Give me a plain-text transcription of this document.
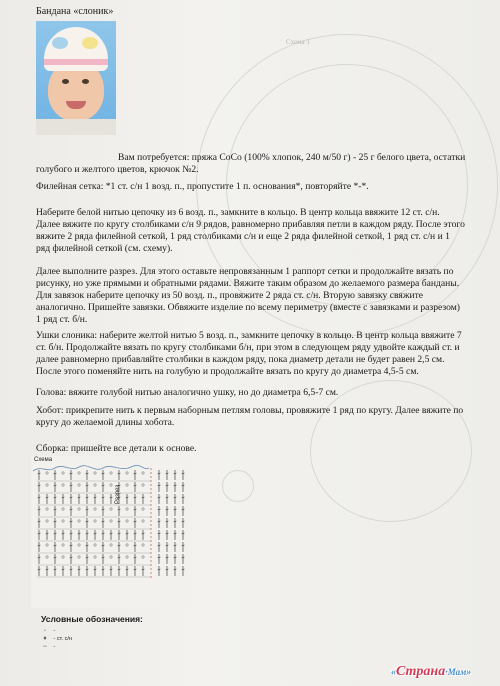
Схема 1

Бандана «слоник»

Вам потребуется: пряжа CoCo (100% хлопок, 240 м/50 г) - 25 г белого цвета, остатки голубого и желтого цветов, крючок №2.

Филейная сетка: *1 ст. с/н 1 возд. п., пропустите 1 п. основания*, повторяйте *-*.

Наберите белой нитью цепочку из 6 возд. п., замкните в кольцо. В центр кольца ввяжите 12 ст. с/н. Далее вяжите по кругу столбиками с/н 9 рядов, равномерно прибавляя петли в каждом ряду. После этого вяжите 2 ряда филейной сеткой, 1 ряд столбиками с/н и еще 2 ряда филейной сеткой, 1 ряд ст. с/н и 1 ряд филейной сеткой (см. схему).

Далее выполните разрез. Для этого оставьте непровязанным 1 раппорт сетки и продолжайте вязать по рисунку, но уже прямыми и обратными рядами. Вяжите таким образом до желаемого размера банданы. Для завязок наберите цепочку из 50 возд. п., провяжите 2 ряда ст. с/н. Вторую завязку свяжите аналогично. Пришейте завязки. Обвяжите изделие по всему периметру (вместе с завязками и разрезом) 1 ряд ст. б/н.

Ушки слоника: наберите желтой нитью 5 возд. п., замкните цепочку в кольцо. В центр кольца ввяжите 7 ст. б/н. Продолжайте вязать по кругу столбиками б/н, при этом в следующем ряду удвойте каждый ст. и далее равномерно прибавляйте столбики в каждом ряду, пока диаметр детали не будет равен 2,5 см. После этого поменяйте нить на голубую и продолжайте вязать по кругу до диаметра 4,5-5 см.

Голова: вяжите голубой нитью аналогично ушку, но до диаметра 6,5-7 см.

Хобот: прикрепите нить к первым наборным петлям головы, провяжите 1 ряд по кругу. Далее вяжите по кругу до желаемой длины хобота.

Сборка: пришейте все детали к основе.

Схема
Разрез
Условные обозначения:
◦ -
ǂ - ст. с/н
◦◦ -
«Страна·Мам»
